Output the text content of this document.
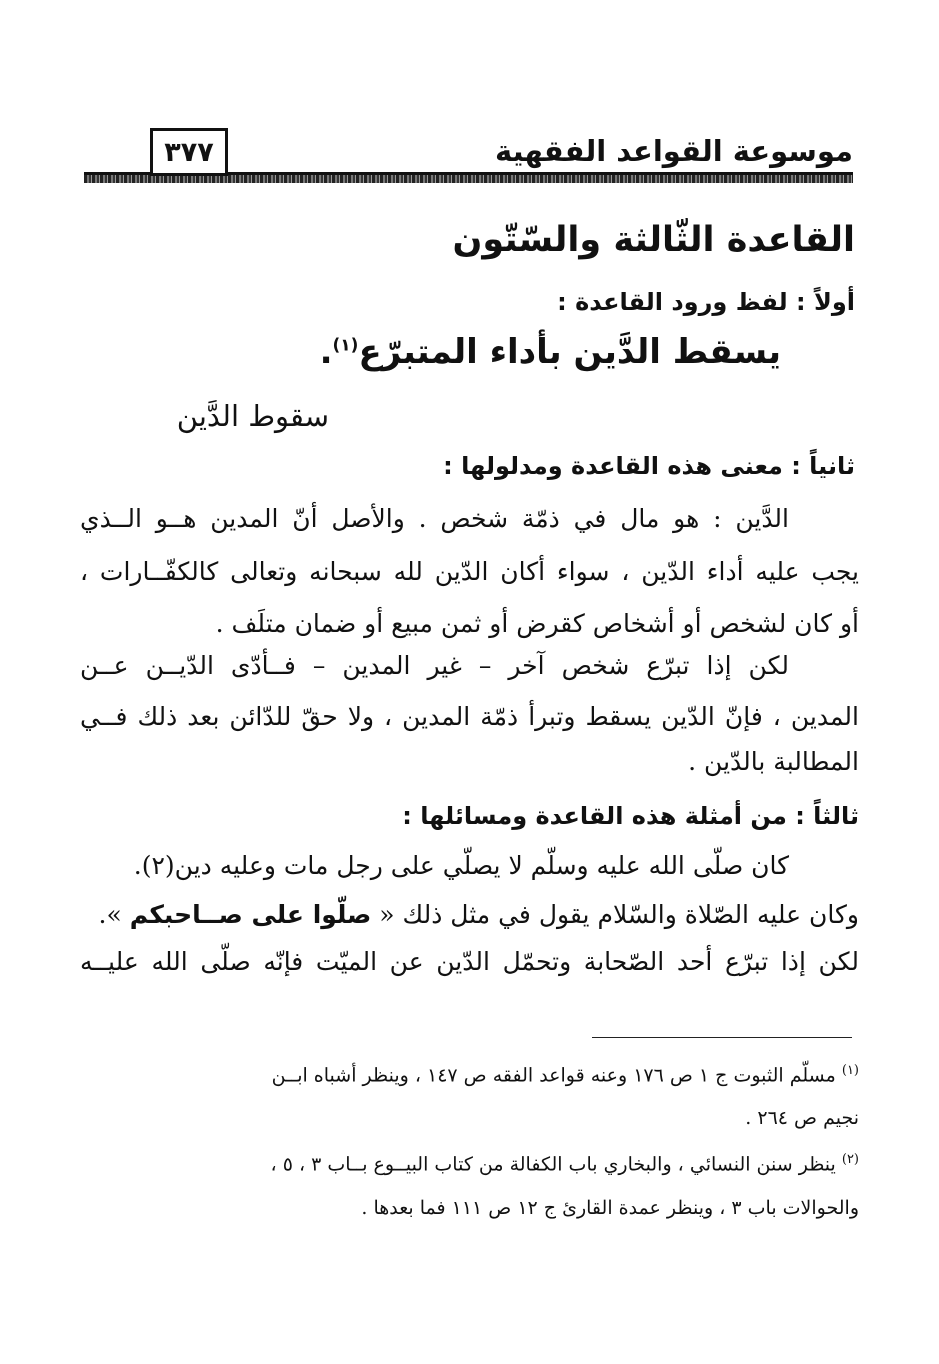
موسوعة القواعد الفقهية
٣٧٧
القاعدة الثّالثة والسّتّون
أولاً : لفظ ورود القاعدة :
يسقط الدَّين بأداء المتبرّع$^{(١)}$.
سقوط الدَّين
ثانياً : معنى هذه القاعدة ومدلولها :
الدَّين : هو مال في ذمّة شخص . والأصل أنّ المدين هــو الــذي
يجب عليه أداء الدّين ، سواء أكان الدّين لله سبحانه وتعالى كالكفّــارات ،
أو كان لشخص أو أشخاص كقرض أو ثمن مبيع أو ضمان متلَف .
لكن إذا تبرّع شخص آخر – غير المدين – فــأدّى الدّيــن عــن
المدين ، فإنّ الدّين يسقط وتبرأ ذمّة المدين ، ولا حقّ للدّائن بعد ذلك فــي
المطالبة بالدّين .
ثالثاً : من أمثلة هذه القاعدة ومسائلها :
كان صلّى الله عليه وسلّم لا يصلّي على رجل مات وعليه دين(٢).
وكان عليه الصّلاة والسّلام يقول في مثل ذلك « صلّوا على صــاحبكم ».
لكن إذا تبرّع أحد الصّحابة وتحمّل الدّين عن الميّت فإنّه صلّى الله عليــه
$^{(١)}$ مسلّم الثبوت ج ١ ص ١٧٦ وعنه قواعد الفقه ص ١٤٧ ، وينظر أشباه ابــن
نجيم ص ٢٦٤ .
$^{(٢)}$ ينظر سنن النسائي ، والبخاري باب الكفالة من كتاب البيــوع بــاب ٣ ، ٥ ،
والحوالات باب ٣ ، وينظر عمدة القارئ ج ١٢ ص ١١١ فما بعدها .
